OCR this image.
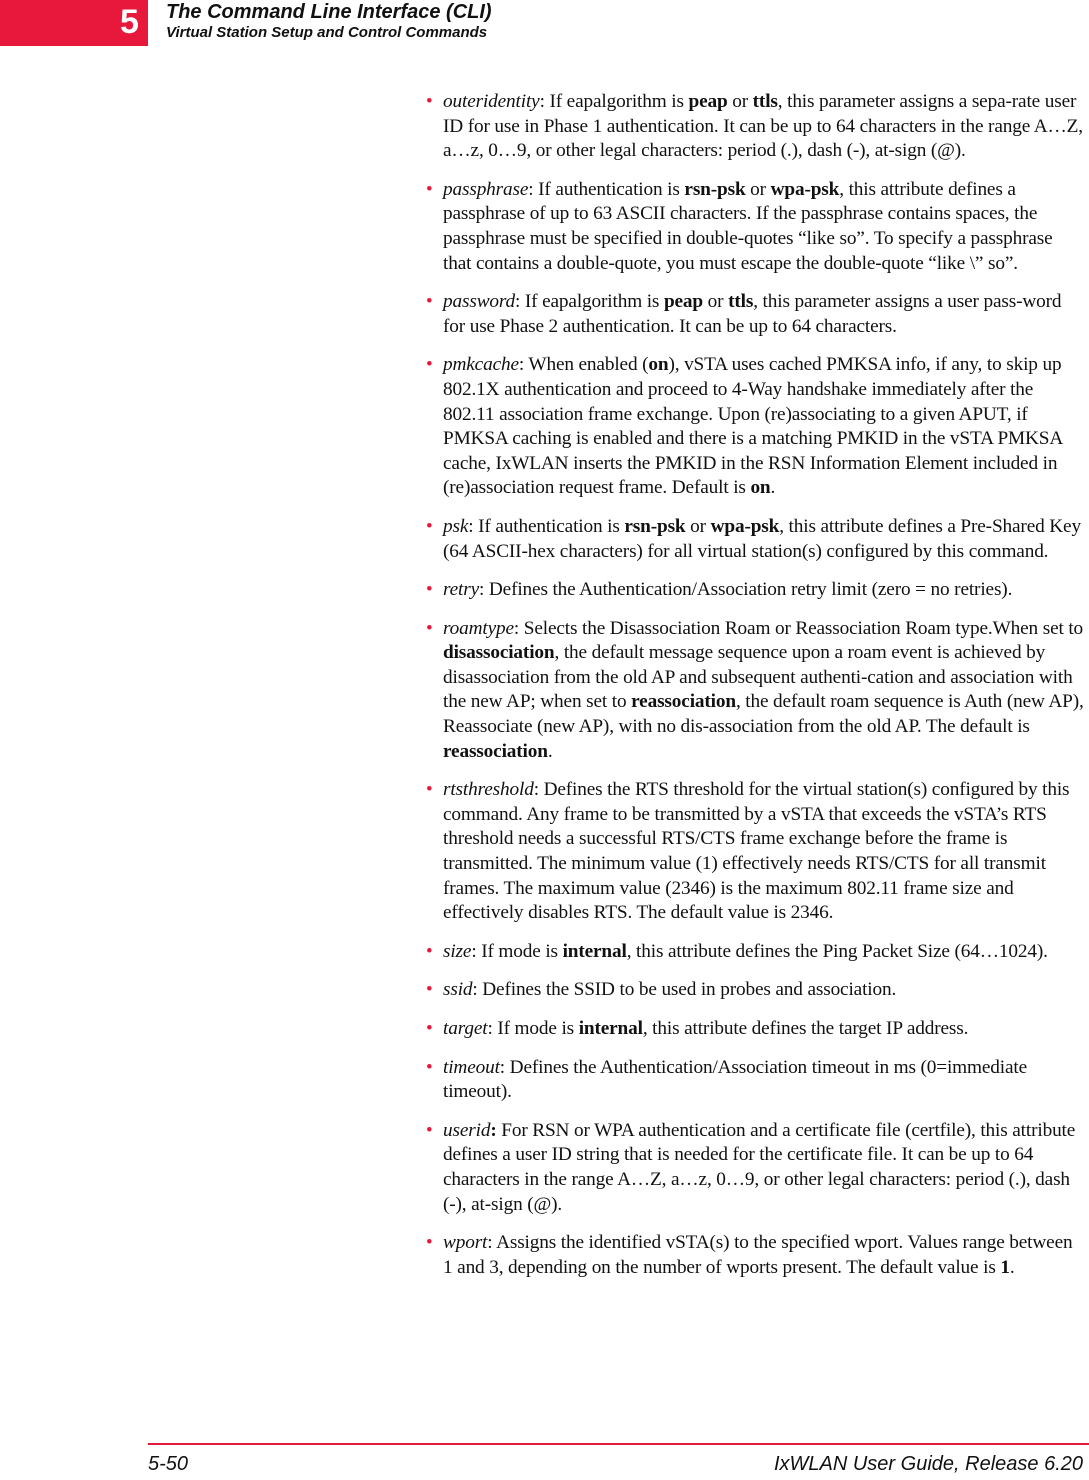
5 The Command Line Interface (CLI)
Virtual Station Setup and Control Commands
• outeridentity: If eapalgorithm is peap or ttls, this parameter assigns a sepa-rate user ID for use in Phase 1 authentication. It can be up to 64 characters in the range A…Z, a…z, 0…9, or other legal characters: period (.), dash (-), at-sign (@).
• passphrase: If authentication is rsn-psk or wpa-psk, this attribute defines a passphrase of up to 63 ASCII characters. If the passphrase contains spaces, the passphrase must be specified in double-quotes “like so”. To specify a passphrase that contains a double-quote, you must escape the double-quote “like \” so”.
• password: If eapalgorithm is peap or ttls, this parameter assigns a user pass-word for use Phase 2 authentication. It can be up to 64 characters.
• pmkcache: When enabled (on), vSTA uses cached PMKSA info, if any, to skip up 802.1X authentication and proceed to 4-Way handshake immediately after the 802.11 association frame exchange. Upon (re)associating to a given APUT, if PMKSA caching is enabled and there is a matching PMKID in the vSTA PMKSA cache, IxWLAN inserts the PMKID in the RSN Information Element included in (re)association request frame. Default is on.
• psk: If authentication is rsn-psk or wpa-psk, this attribute defines a Pre-Shared Key (64 ASCII-hex characters) for all virtual station(s) configured by this command.
• retry: Defines the Authentication/Association retry limit (zero = no retries).
• roamtype: Selects the Disassociation Roam or Reassociation Roam type.When set to disassociation, the default message sequence upon a roam event is achieved by disassociation from the old AP and subsequent authenti-cation and association with the new AP; when set to reassociation, the default roam sequence is Auth (new AP), Reassociate (new AP), with no dis-association from the old AP. The default is reassociation.
• rtsthreshold: Defines the RTS threshold for the virtual station(s) configured by this command. Any frame to be transmitted by a vSTA that exceeds the vSTA’s RTS threshold needs a successful RTS/CTS frame exchange before the frame is transmitted. The minimum value (1) effectively needs RTS/CTS for all transmit frames. The maximum value (2346) is the maximum 802.11 frame size and effectively disables RTS. The default value is 2346.
• size: If mode is internal, this attribute defines the Ping Packet Size (64…1024).
• ssid: Defines the SSID to be used in probes and association.
• target: If mode is internal, this attribute defines the target IP address.
• timeout: Defines the Authentication/Association timeout in ms (0=immediate timeout).
• userid: For RSN or WPA authentication and a certificate file (certfile), this attribute defines a user ID string that is needed for the certificate file. It can be up to 64 characters in the range A…Z, a…z, 0…9, or other legal characters: period (.), dash (-), at-sign (@).
• wport: Assigns the identified vSTA(s) to the specified wport. Values range between 1 and 3, depending on the number of wports present. The default value is 1.
5-50	IxWLAN User Guide, Release 6.20
